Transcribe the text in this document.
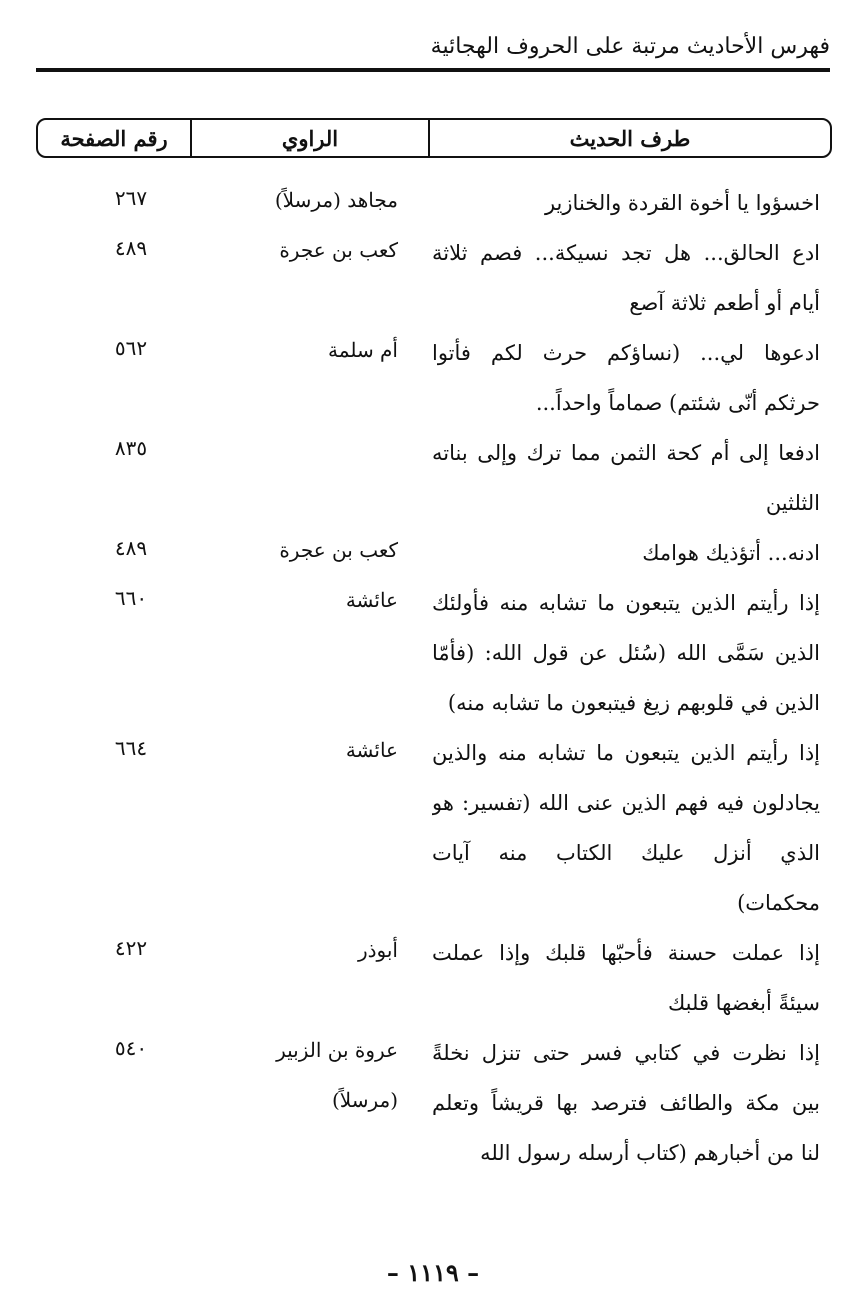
فهرس الأحاديث مرتبة على الحروف الهجائية
طرف الحديث
الراوي
رقم الصفحة
اخسؤوا يا أخوة القردة والخنازير
مجاهد (مرسلاً)
٢٦٧
ادع الحالق... هل تجد نسيكة... فصم ثلاثة
أيام أو أطعم ثلاثة آصع
كعب بن عجرة
٤٨٩
ادعوها لي... (نساؤكم حرث لكم فأتوا
حرثكم أنّى شئتم) صماماً واحداً...
أم سلمة
٥٦٢
ادفعا إلى أم كحة الثمن مما ترك وإلى بناته
الثلثين
٨٣٥
ادنه... أتؤذيك هوامك
كعب بن عجرة
٤٨٩
إذا رأيتم الذين يتبعون ما تشابه منه فأولئك
الذين سَمَّى الله (سُئل عن قول الله: (فأمّا
الذين في قلوبهم زيغ فيتبعون ما تشابه منه)
عائشة
٦٦٠
إذا رأيتم الذين يتبعون ما تشابه منه والذين
يجادلون فيه فهم الذين عنى الله (تفسير: هو
الذي أنزل عليك الكتاب منه آيات
محكمات)
عائشة
٦٦٤
إذا عملت حسنة فأحبّها قلبك وإذا عملت
سيئةً أبغضها قلبك
أبوذر
٤٢٢
إذا نظرت في كتابي فسر حتى تنزل نخلةً
بين مكة والطائف فترصد بها قريشاً وتعلم
لنا من أخبارهم (كتاب أرسله رسول الله
عروة بن الزبير
(مرسلاً)
٥٤٠
– ١١١٩ –
